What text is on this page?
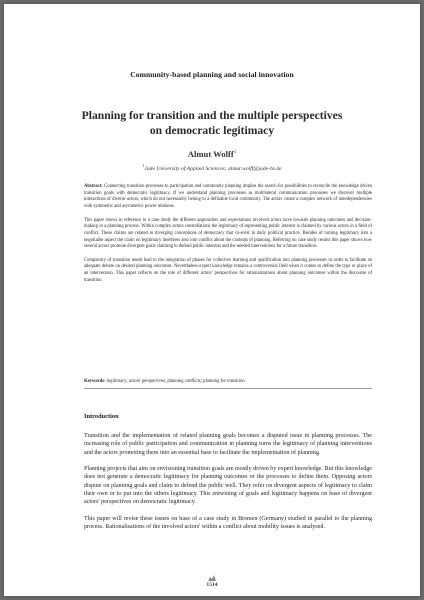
Community-based planning and social innovation
Planning for transition and the multiple perspectives
on democratic legitimacy
Almut Wolff$^1$
$^1$Jade University of Applied Sciences; almut.wolff@jade-hs.de

Abstract: Connecting transition processes to participation and community planning implies the search for possibilities to reconcile the knowledge driven transition goals with democratic legitimacy. If we understand planning processes as multilateral communication processes we discover multiple interactions of diverse actors, which do not necessarily belong to a definable local community. The actors create a complex network of interdependencies with symmetric and asymmetric power relations.

This paper shows in reference to a case study the different approaches and expectations involved actors have towards planning outcomes and decision-making in a planning process. Within complex actors constellations the legitimacy of representing public interest is claimed by various actors in a field of conflict. These claims are related to diverging conceptions of democracy that co-exist in daily political practice. Besides of turning legitimacy into a negotiable aspect the claim on legitimacy interferes also into conflict about the contents of planning. Referring on case study results this paper shows how several actors promote divergent goals claiming to defend public interests and the needed interventions for a future transition.

Complexity of transition needs lead to the integration of phases for collective learning and qualification into planning processes in order to facilitate an adequate debate on desired planning outcomes. Nevertheless expert knowledge remains a controversial field when it comes to define the type or place of an intervention. This paper reflects on the role of different actors' perspectives for rationalizations about planning outcomes within the discourse of transition.

Keywords: legitimacy; actors' perspectives; planning conflicts; planning for transition
Introduction

Transition and the implementation of related planning goals becomes a disputed issue in planning processes. The increasing role of public participation and communication in planning turns the legitimacy of planning interventions and the actors promoting them into an essential base to facilitate the implementation of planning.

Planning projects that aim on envisioning transition goals are mostly driven by expert knowledge. But this knowledge does not generate a democratic legitimacy for planning outcomes or the processes to define them. Opposing actors dispute on planning goals and claim to defend the public well. They refer on divergent aspects of legitimacy to claim their own or to put into the others legitimacy. This entwining of goals and legitimacy happens on base of divergent actors' perspectives on democratic legitimacy.

This paper will revise these issues on base of a case study in Bremen (Germany) studied in parallel to the planning process. Rationalisations of the involved actors' within a conflict about mobility issues is analysed.

1514
